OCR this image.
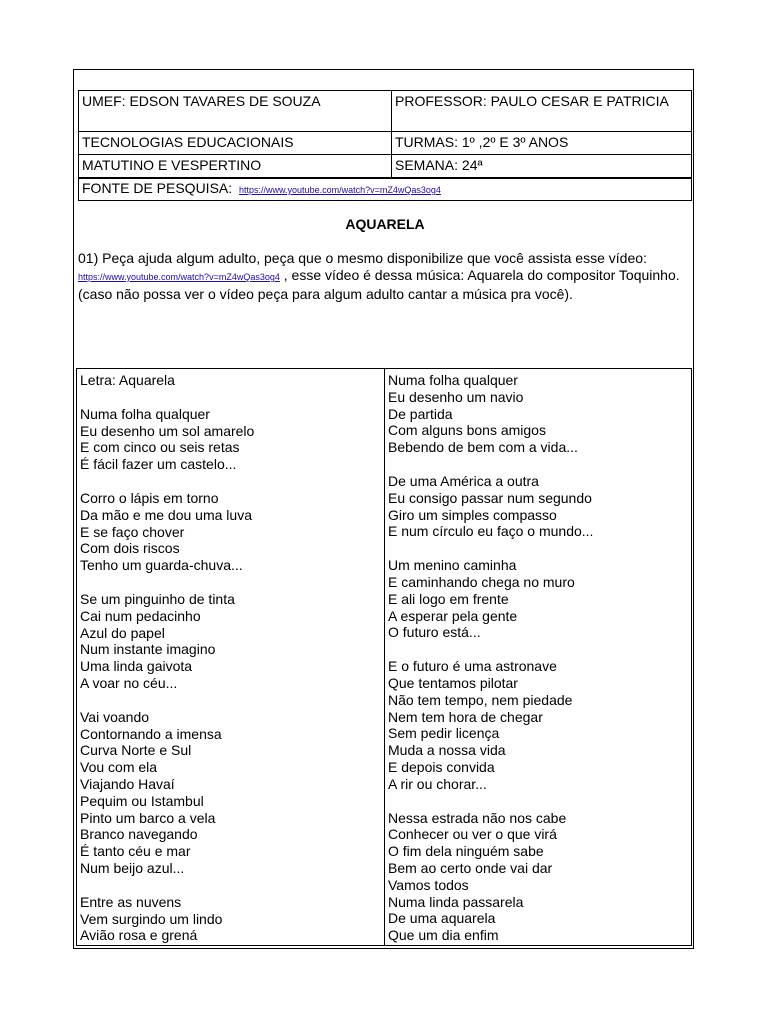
UMEF: EDSON TAVARES DE SOUZA	PROFESSOR: PAULO CESAR E PATRICIA
TECNOLOGIAS EDUCACIONAIS	TURMAS: 1º ,2º E 3º ANOS
MATUTINO E VESPERTINO	SEMANA: 24ª
FONTE DE PESQUISA: https://www.youtube.com/watch?v=mZ4wQas3og4
AQUARELA
01) Peça ajuda algum adulto, peça que o mesmo disponibilize que você assista esse vídeo:
https://www.youtube.com/watch?v=mZ4wQas3og4 , esse vídeo é dessa música: Aquarela do compositor Toquinho. (caso não possa ver o vídeo peça para algum adulto cantar a música pra você).
Letra: Aquarela
Numa folha qualquer
Eu desenho um sol amarelo
E com cinco ou seis retas
É fácil fazer um castelo...
Corro o lápis em torno
Da mão e me dou uma luva
E se faço chover
Com dois riscos
Tenho um guarda-chuva...
Se um pinguinho de tinta
Cai num pedacinho
Azul do papel
Num instante imagino
Uma linda gaivota
A voar no céu...
Vai voando
Contornando a imensa
Curva Norte e Sul
Vou com ela
Viajando Havaí
Pequim ou Istambul
Pinto um barco a vela
Branco navegando
É tanto céu e mar
Num beijo azul...
Entre as nuvens
Vem surgindo um lindo
Avião rosa e grená
Numa folha qualquer
Eu desenho um navio
De partida
Com alguns bons amigos
Bebendo de bem com a vida...
De uma América a outra
Eu consigo passar num segundo
Giro um simples compasso
E num círculo eu faço o mundo...
Um menino caminha
E caminhando chega no muro
E ali logo em frente
A esperar pela gente
O futuro está...
E o futuro é uma astronave
Que tentamos pilotar
Não tem tempo, nem piedade
Nem tem hora de chegar
Sem pedir licença
Muda a nossa vida
E depois convida
A rir ou chorar...
Nessa estrada não nos cabe
Conhecer ou ver o que virá
O fim dela ninguém sabe
Bem ao certo onde vai dar
Vamos todos
Numa linda passarela
De uma aquarela
Que um dia enfim
